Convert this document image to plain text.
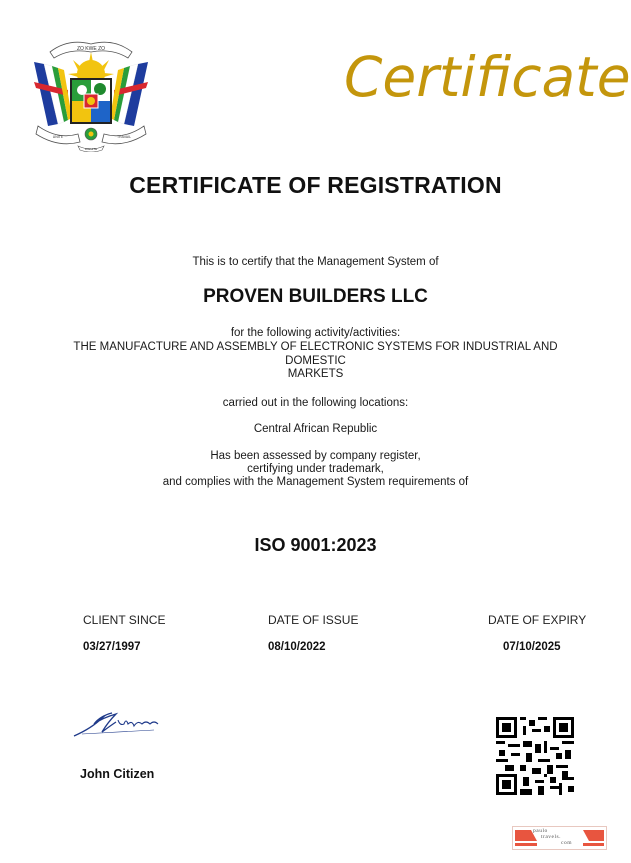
ZO KWE ZO
UNITE	TRAVAIL
DIGNITE
Certificate
CERTIFICATE OF REGISTRATION
This is to certify that the Management System of
PROVEN BUILDERS LLC
for the following activity/activities:
THE MANUFACTURE AND ASSEMBLY OF ELECTRONIC SYSTEMS FOR INDUSTRIAL AND
DOMESTIC
MARKETS
carried out in the following locations:
Central African Republic
Has been assessed by company register,
certifying under trademark,
and complies with the Management System requirements of
ISO 9001:2023
CLIENT SINCE
03/27/1997
DATE OF ISSUE
08/10/2022
DATE OF EXPIRY
07/10/2025
John Citizen
paulo
travels.
com
